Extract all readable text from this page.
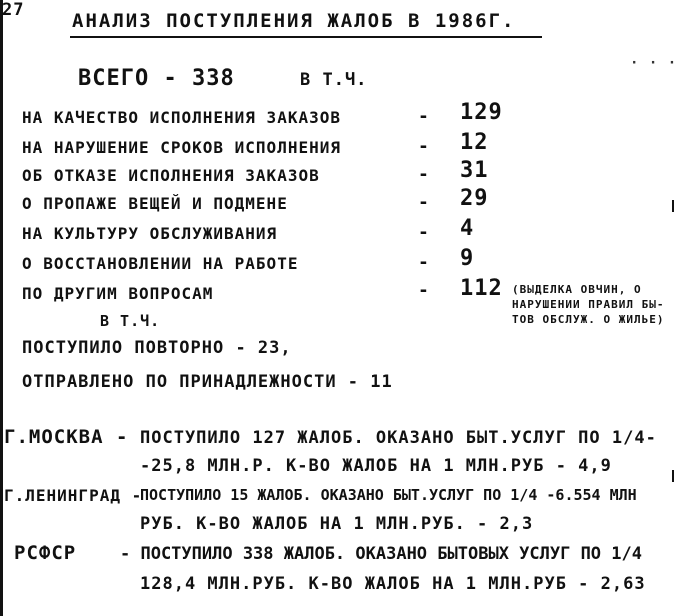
27	АНАЛИЗ ПОСТУПЛЕНИЯ ЖАЛОБ В 1986Г.
· · ·
ВСЕГО - 338	В Т.Ч.
НА КАЧЕСТВО ИСПОЛНЕНИЯ ЗАКАЗОВ	- 129
НА НАРУШЕНИЕ СРОКОВ ИСПОЛНЕНИЯ	- 12
ОБ ОТКАЗЕ ИСПОЛНЕНИЯ ЗАКАЗОВ	- 31
О ПРОПАЖЕ ВЕЩЕЙ И ПОДМЕНЕ	- 29
НА КУЛЬТУРУ ОБСЛУЖИВАНИЯ	- 4
О ВОССТАНОВЛЕНИИ НА РАБОТЕ	- 9
ПО ДРУГИМ ВОПРОСАМ	- 112 (ВЫДЕЛКА ОВЧИН, О
НАРУШЕНИИ ПРАВИЛ БЫ-
ТОВ ОБСЛУЖ. О ЖИЛЬЕ)
В Т.Ч.
ПОСТУПИЛО ПОВТОРНО - 23,
ОТПРАВЛЕНО ПО ПРИНАДЛЕЖНОСТИ - 11
Г.МОСКВА - ПОСТУПИЛО 127 ЖАЛОБ. ОКАЗАНО БЫТ.УСЛУГ ПО 1/4-
-25,8 МЛН.Р. К-ВО ЖАЛОБ НА 1 МЛН.РУБ - 4,9
Г.ЛЕНИНГРАД -
ПОСТУПИЛО 15 ЖАЛОБ. ОКАЗАНО БЫТ.УСЛУГ ПО 1/4 -6.554 МЛН
РУБ. К-ВО ЖАЛОБ НА 1 МЛН.РУБ. - 2,3
РСФСР	- ПОСТУПИЛО 338 ЖАЛОБ. ОКАЗАНО БЫТОВЫХ УСЛУГ ПО 1/4
128,4 МЛН.РУБ. К-ВО ЖАЛОБ НА 1 МЛН.РУБ - 2,63
